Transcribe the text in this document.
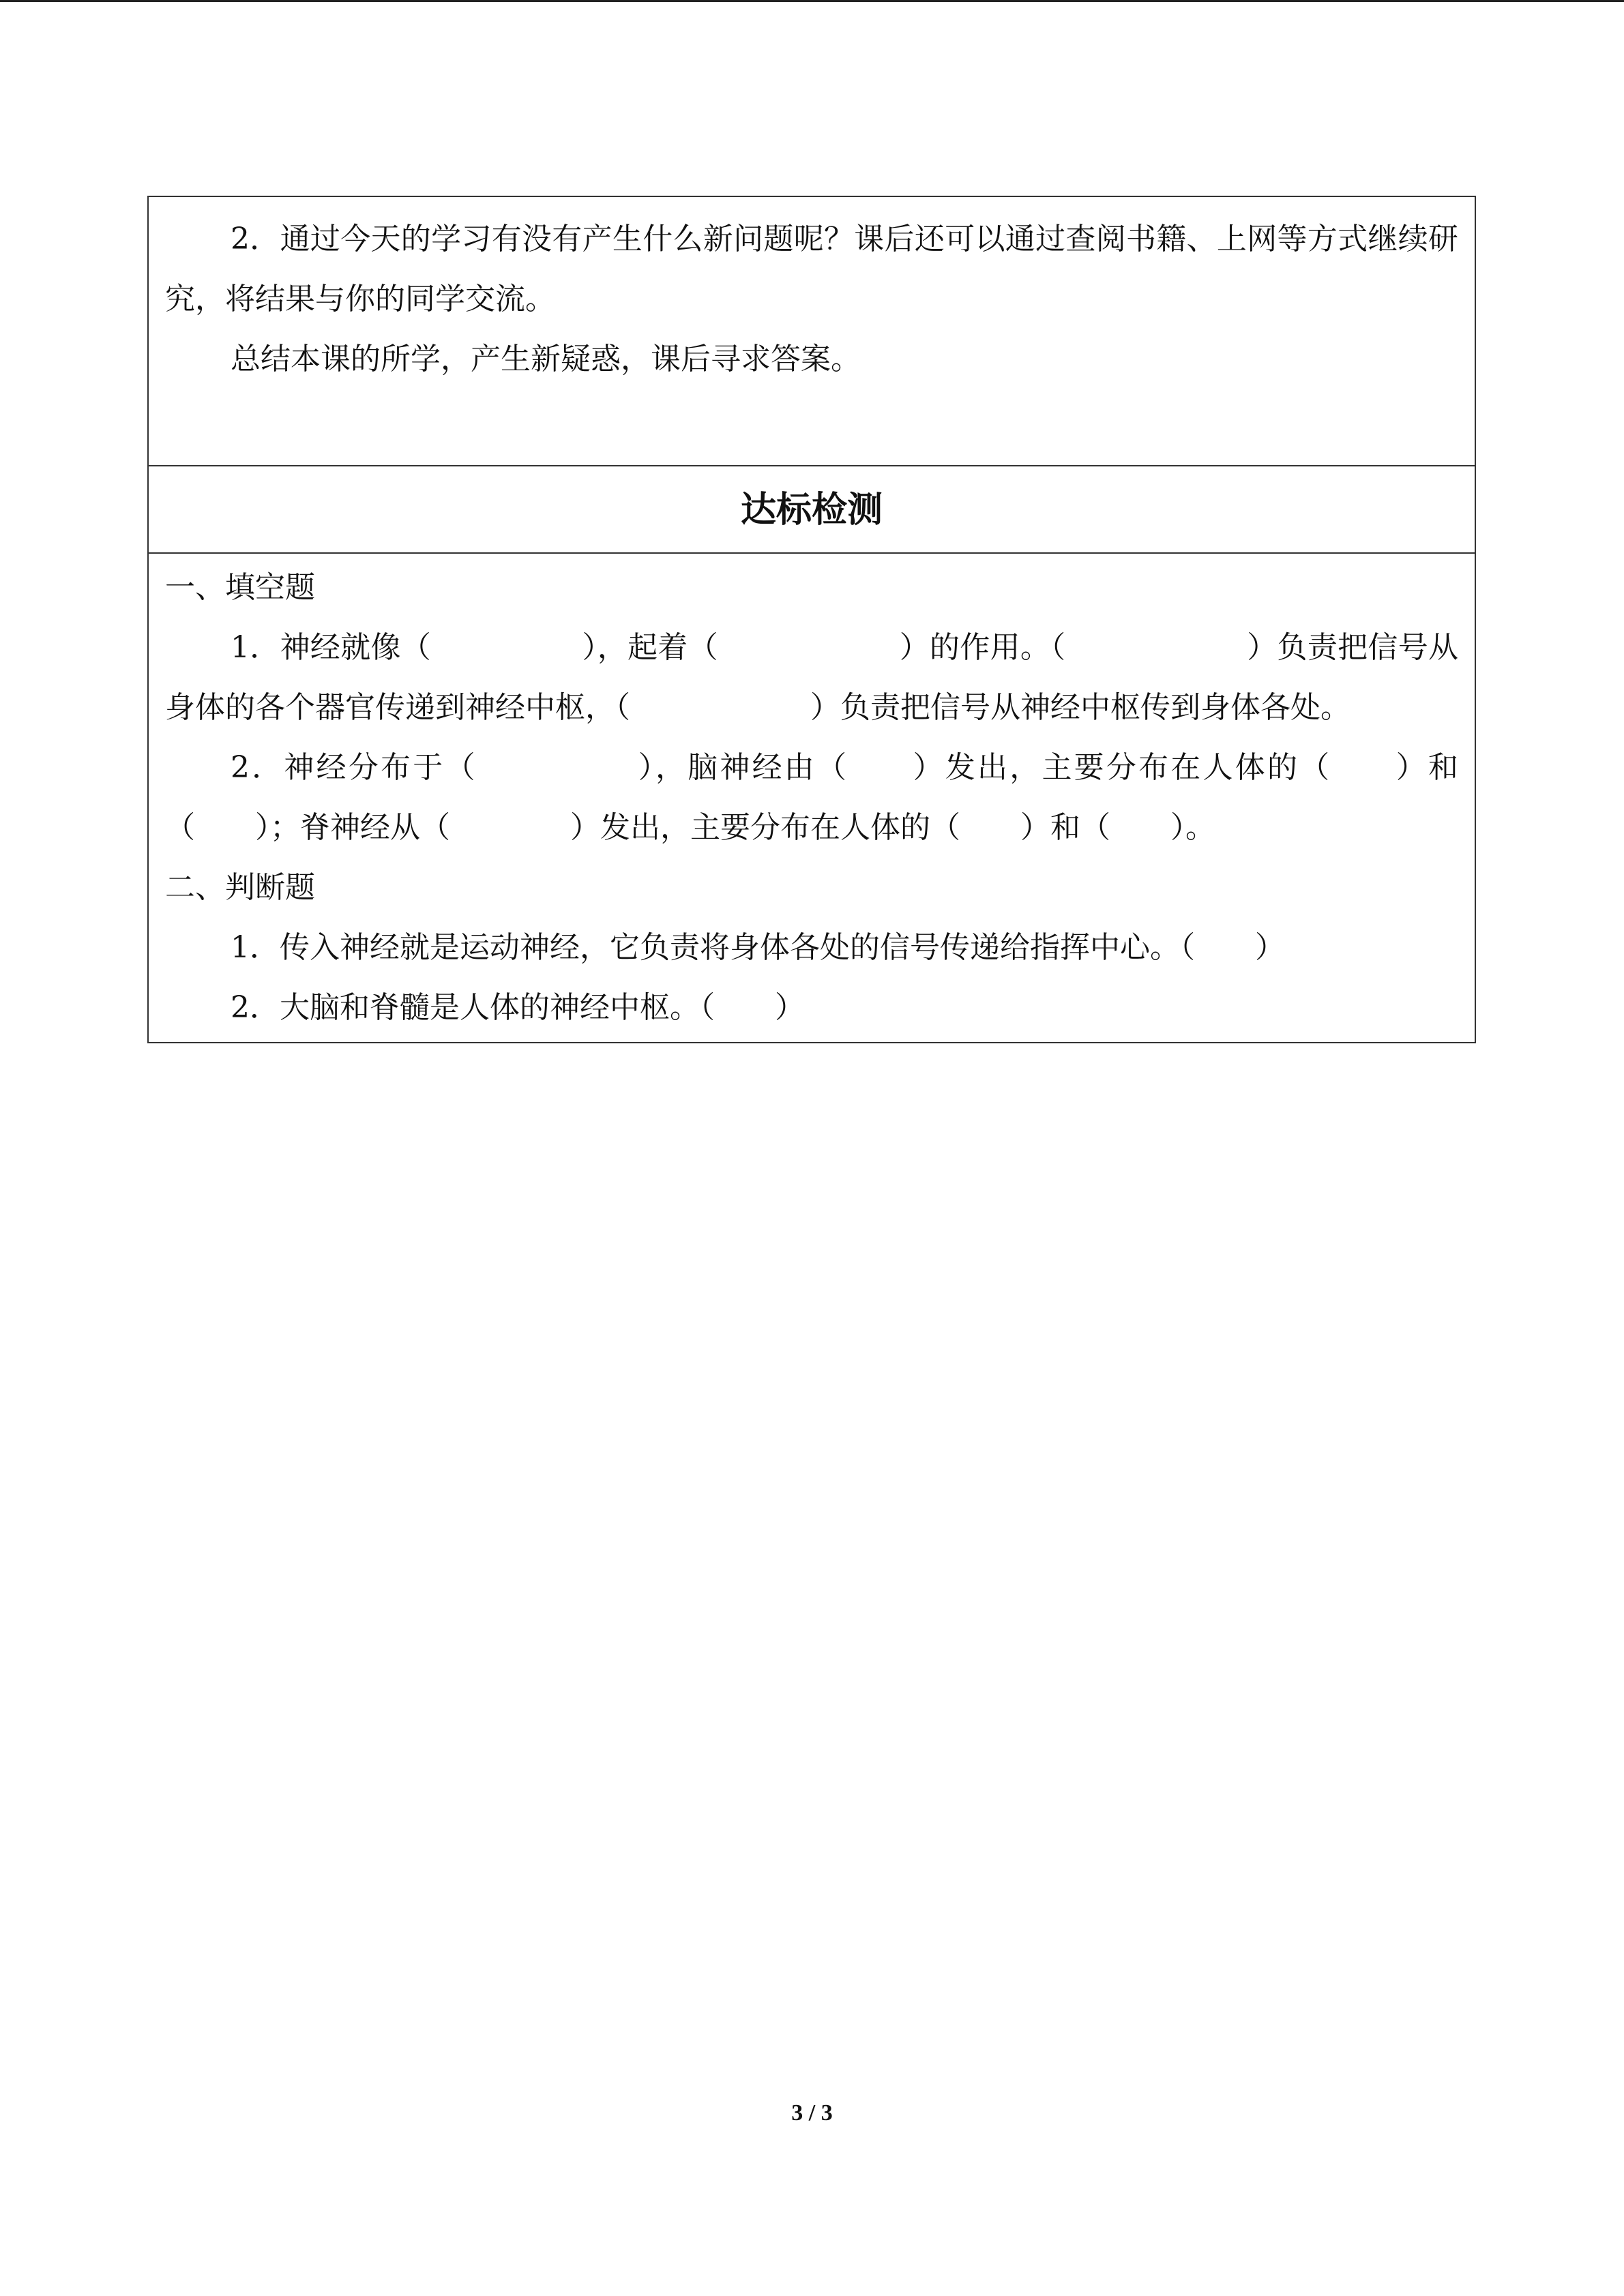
2．通过今天的学习有没有产生什么新问题呢？课后还可以通过查阅书籍、上网等方式继续研究，将结果与你的同学交流。

总结本课的所学，产生新疑惑，课后寻求答案。

达标检测

一、填空题

1．神经就像（　　　　　），起着（　　　　　　）的作用。（　　　　　　）负责把信号从身体的各个器官传递到神经中枢，（　　　　　　）负责把信号从神经中枢传到身体各处。

2．神经分布于（　　　　　），脑神经由（　　）发出，主要分布在人体的（　　）和（　　）；脊神经从（　　　　）发出，主要分布在人体的（　　）和（　　）。

二、判断题

1．传入神经就是运动神经，它负责将身体各处的信号传递给指挥中心。（　　）

2．大脑和脊髓是人体的神经中枢。（　　）

3 / 3
